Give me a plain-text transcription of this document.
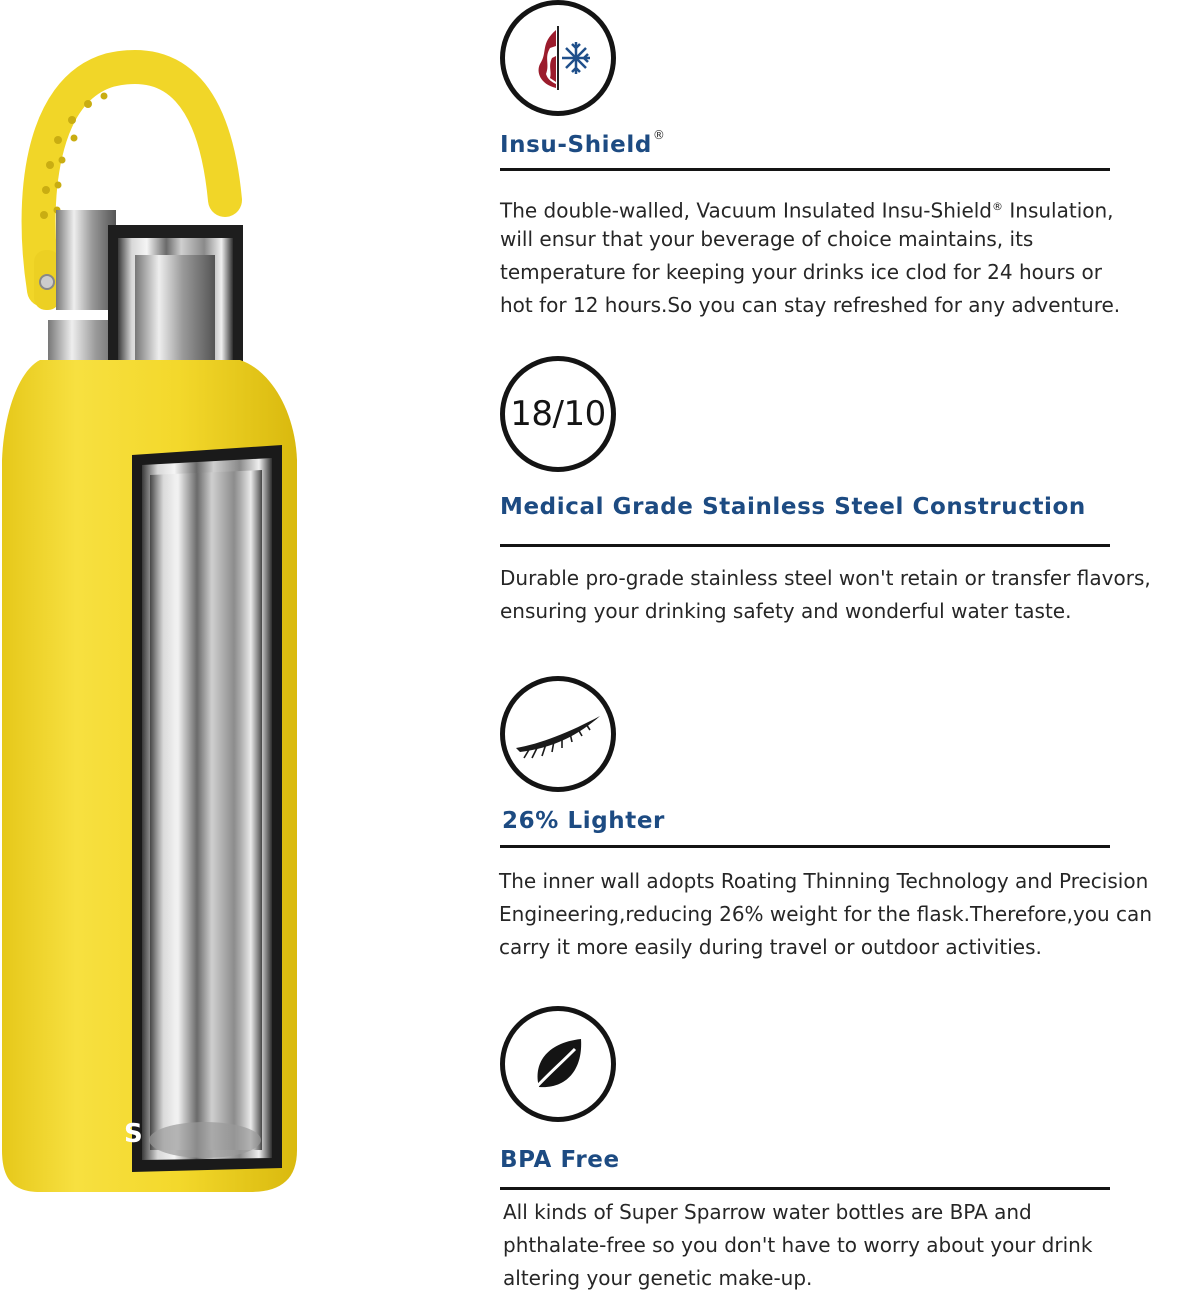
S
Insu-Shield®
The double-walled, Vacuum Insulated Insu-Shield® Insulation,
will ensur that your beverage of choice maintains, its
temperature for keeping your drinks ice clod for 24 hours or
hot for 12 hours.So you can stay refreshed for any adventure.
18/10
Medical Grade Stainless Steel Construction
Durable pro-grade stainless steel won't retain or transfer flavors,
ensuring your drinking safety and wonderful water taste.
26% Lighter
The inner wall adopts Roating Thinning Technology and Precision
Engineering,reducing 26% weight for the flask.Therefore,you can
carry it more easily during travel or outdoor activities.
BPA Free
All kinds of Super Sparrow water bottles are BPA and
phthalate-free so you don't have to worry about your drink
altering your genetic make-up.
